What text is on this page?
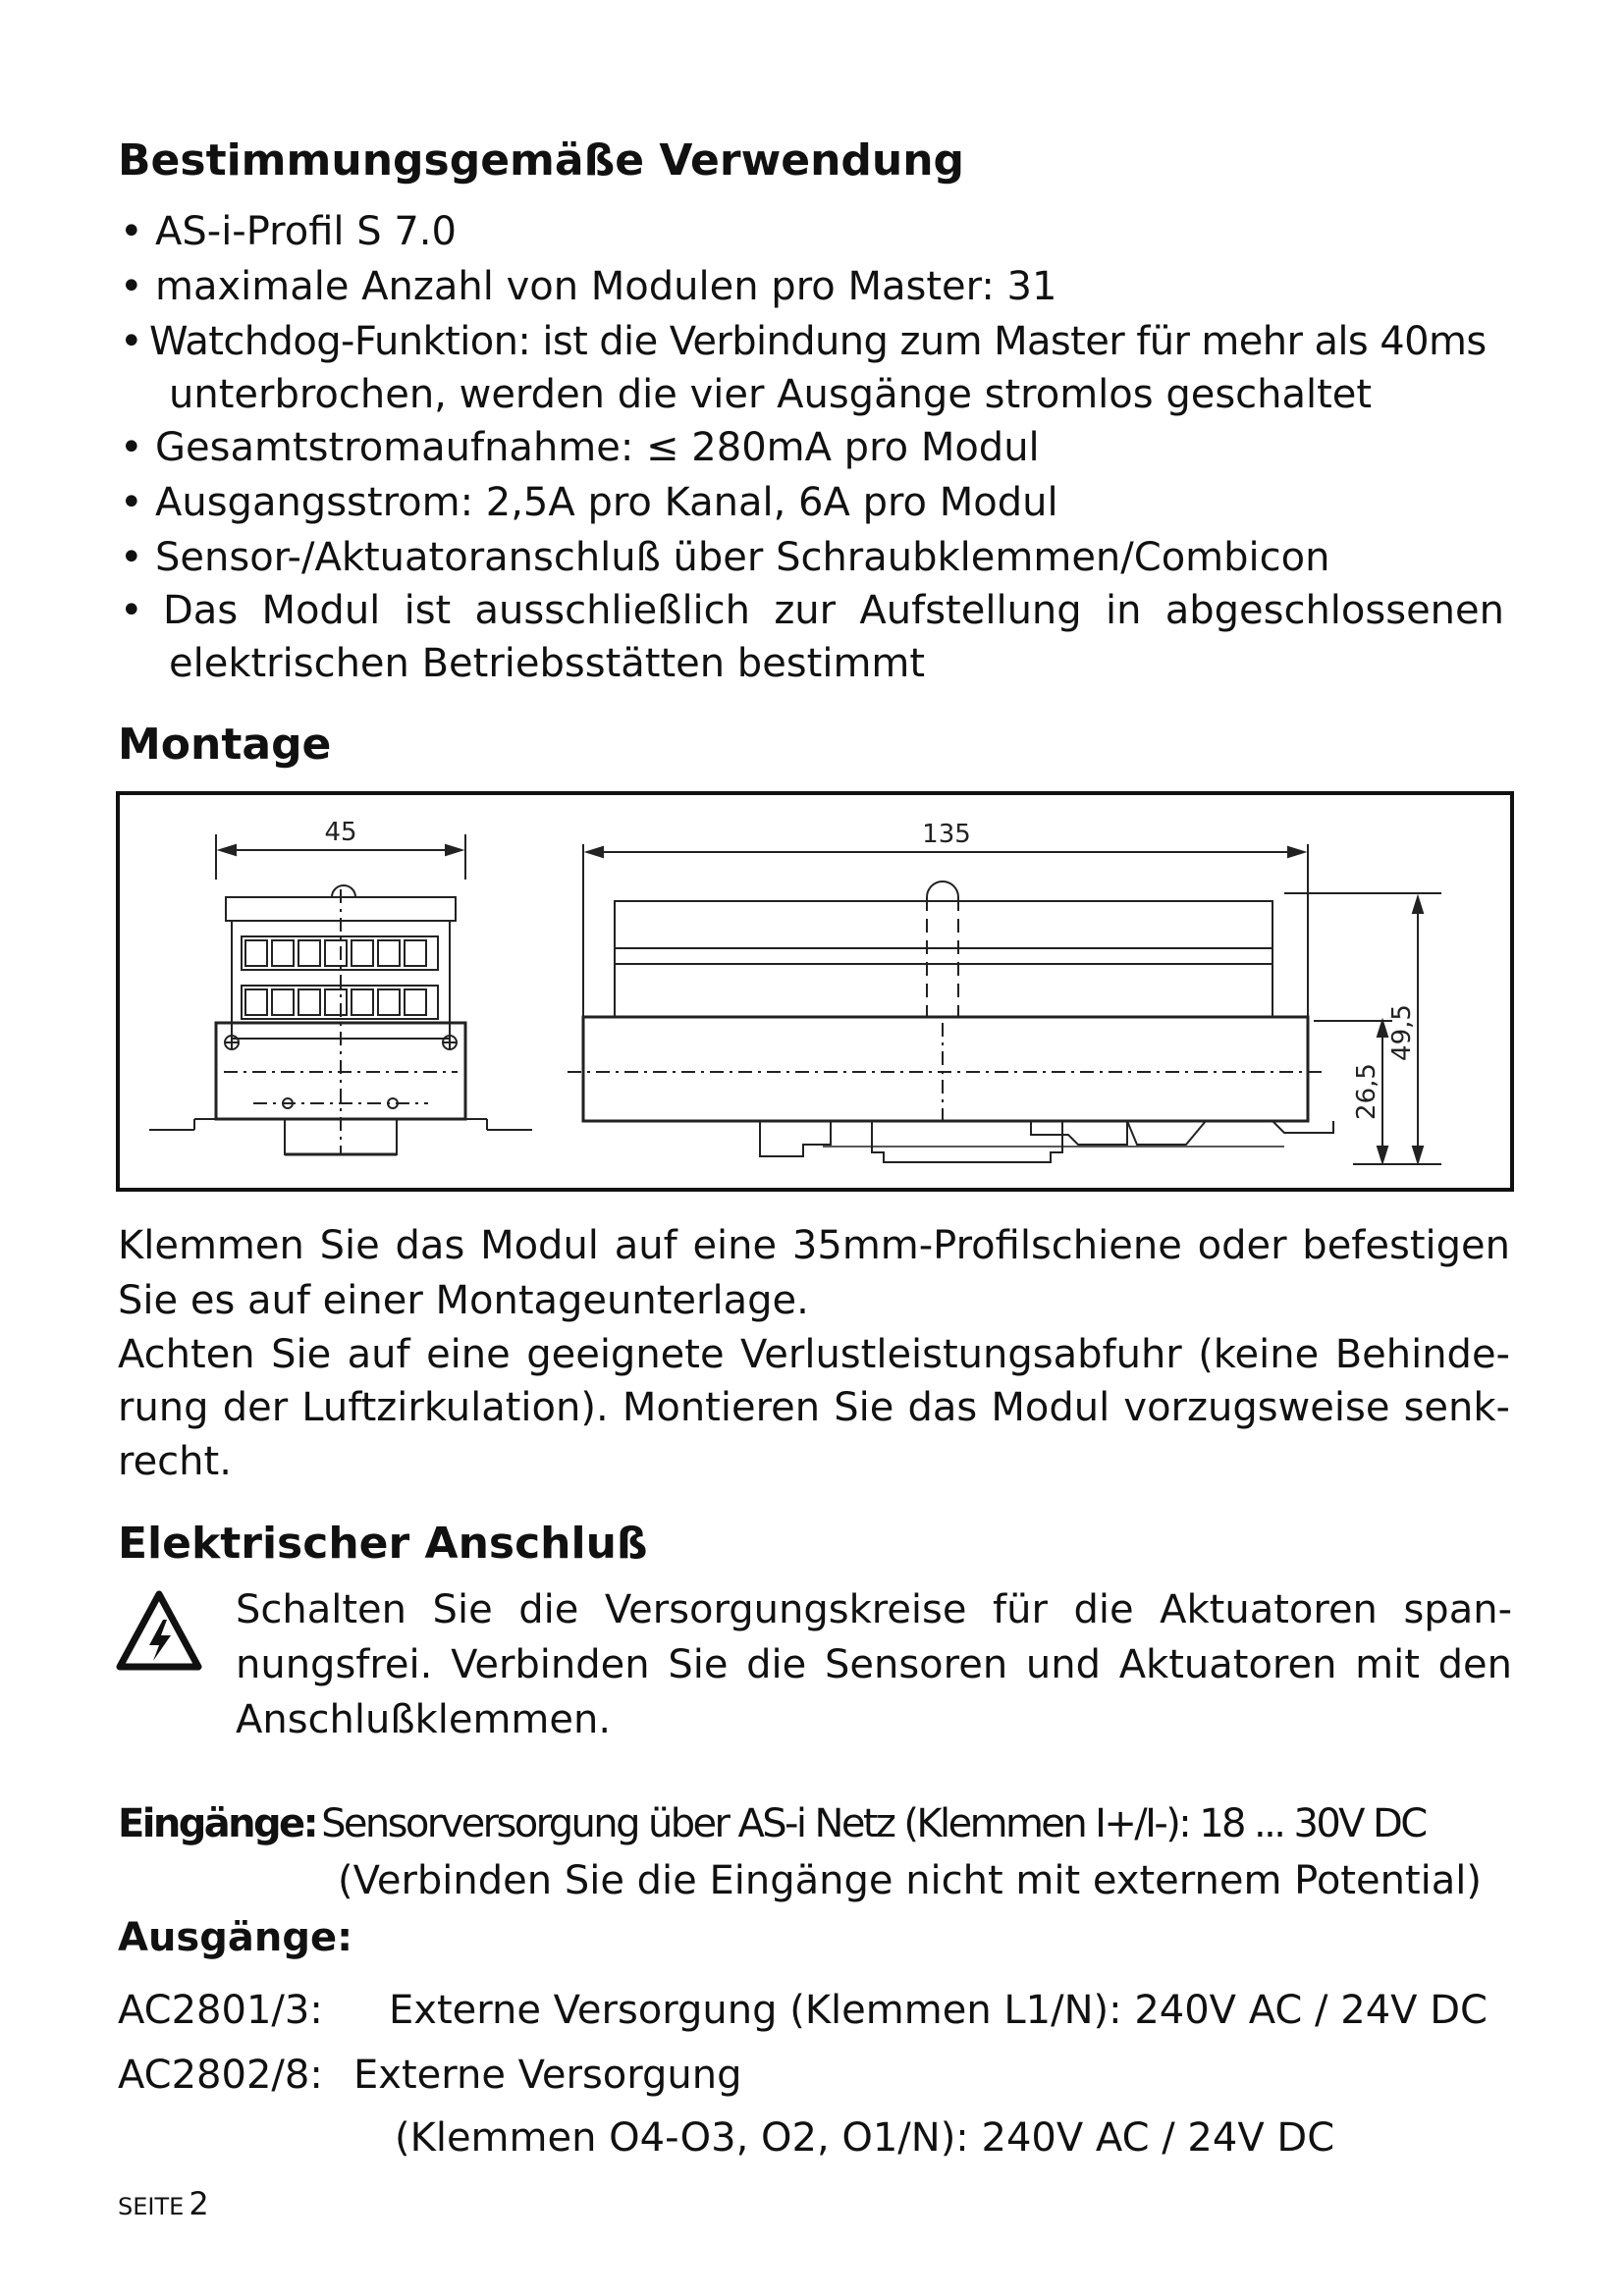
Bestimmungsgemäße Verwendung
• AS-i-Profil S 7.0
• maximale Anzahl von Modulen pro Master: 31
• Watchdog-Funktion: ist die Verbindung zum Master für mehr als 40ms
unterbrochen, werden die vier Ausgänge stromlos geschaltet
• Gesamtstromaufnahme: ≤ 280mA pro Modul
• Ausgangsstrom: 2,5A pro Kanal, 6A pro Modul
• Sensor-/Aktuatoranschluß über Schraubklemmen/Combicon
• Das Modul ist ausschließlich zur Aufstellung in abgeschlossenen
elektrischen Betriebsstätten bestimmt
Montage
45	135
26,5
49,5
Klemmen Sie das Modul auf eine 35mm-Profilschiene oder befestigen
Sie es auf einer Montageunterlage.
Achten Sie auf eine geeignete Verlustleistungsabfuhr (keine Behinde-
rung der Luftzirkulation). Montieren Sie das Modul vorzugsweise senk-
recht.
Elektrischer Anschluß
Schalten Sie die Versorgungskreise für die Aktuatoren span-
nungsfrei. Verbinden Sie die Sensoren und Aktuatoren mit den
Anschlußklemmen.
Eingänge: Sensorversorgung über AS-i Netz (Klemmen I+/I-): 18 ... 30V DC
(Verbinden Sie die Eingänge nicht mit externem Potential)
Ausgänge:
AC2801/3: Externe Versorgung (Klemmen L1/N): 240V AC / 24V DC
AC2802/8: Externe Versorgung
(Klemmen O4-O3, O2, O1/N): 240V AC / 24V DC
SEITE 2
